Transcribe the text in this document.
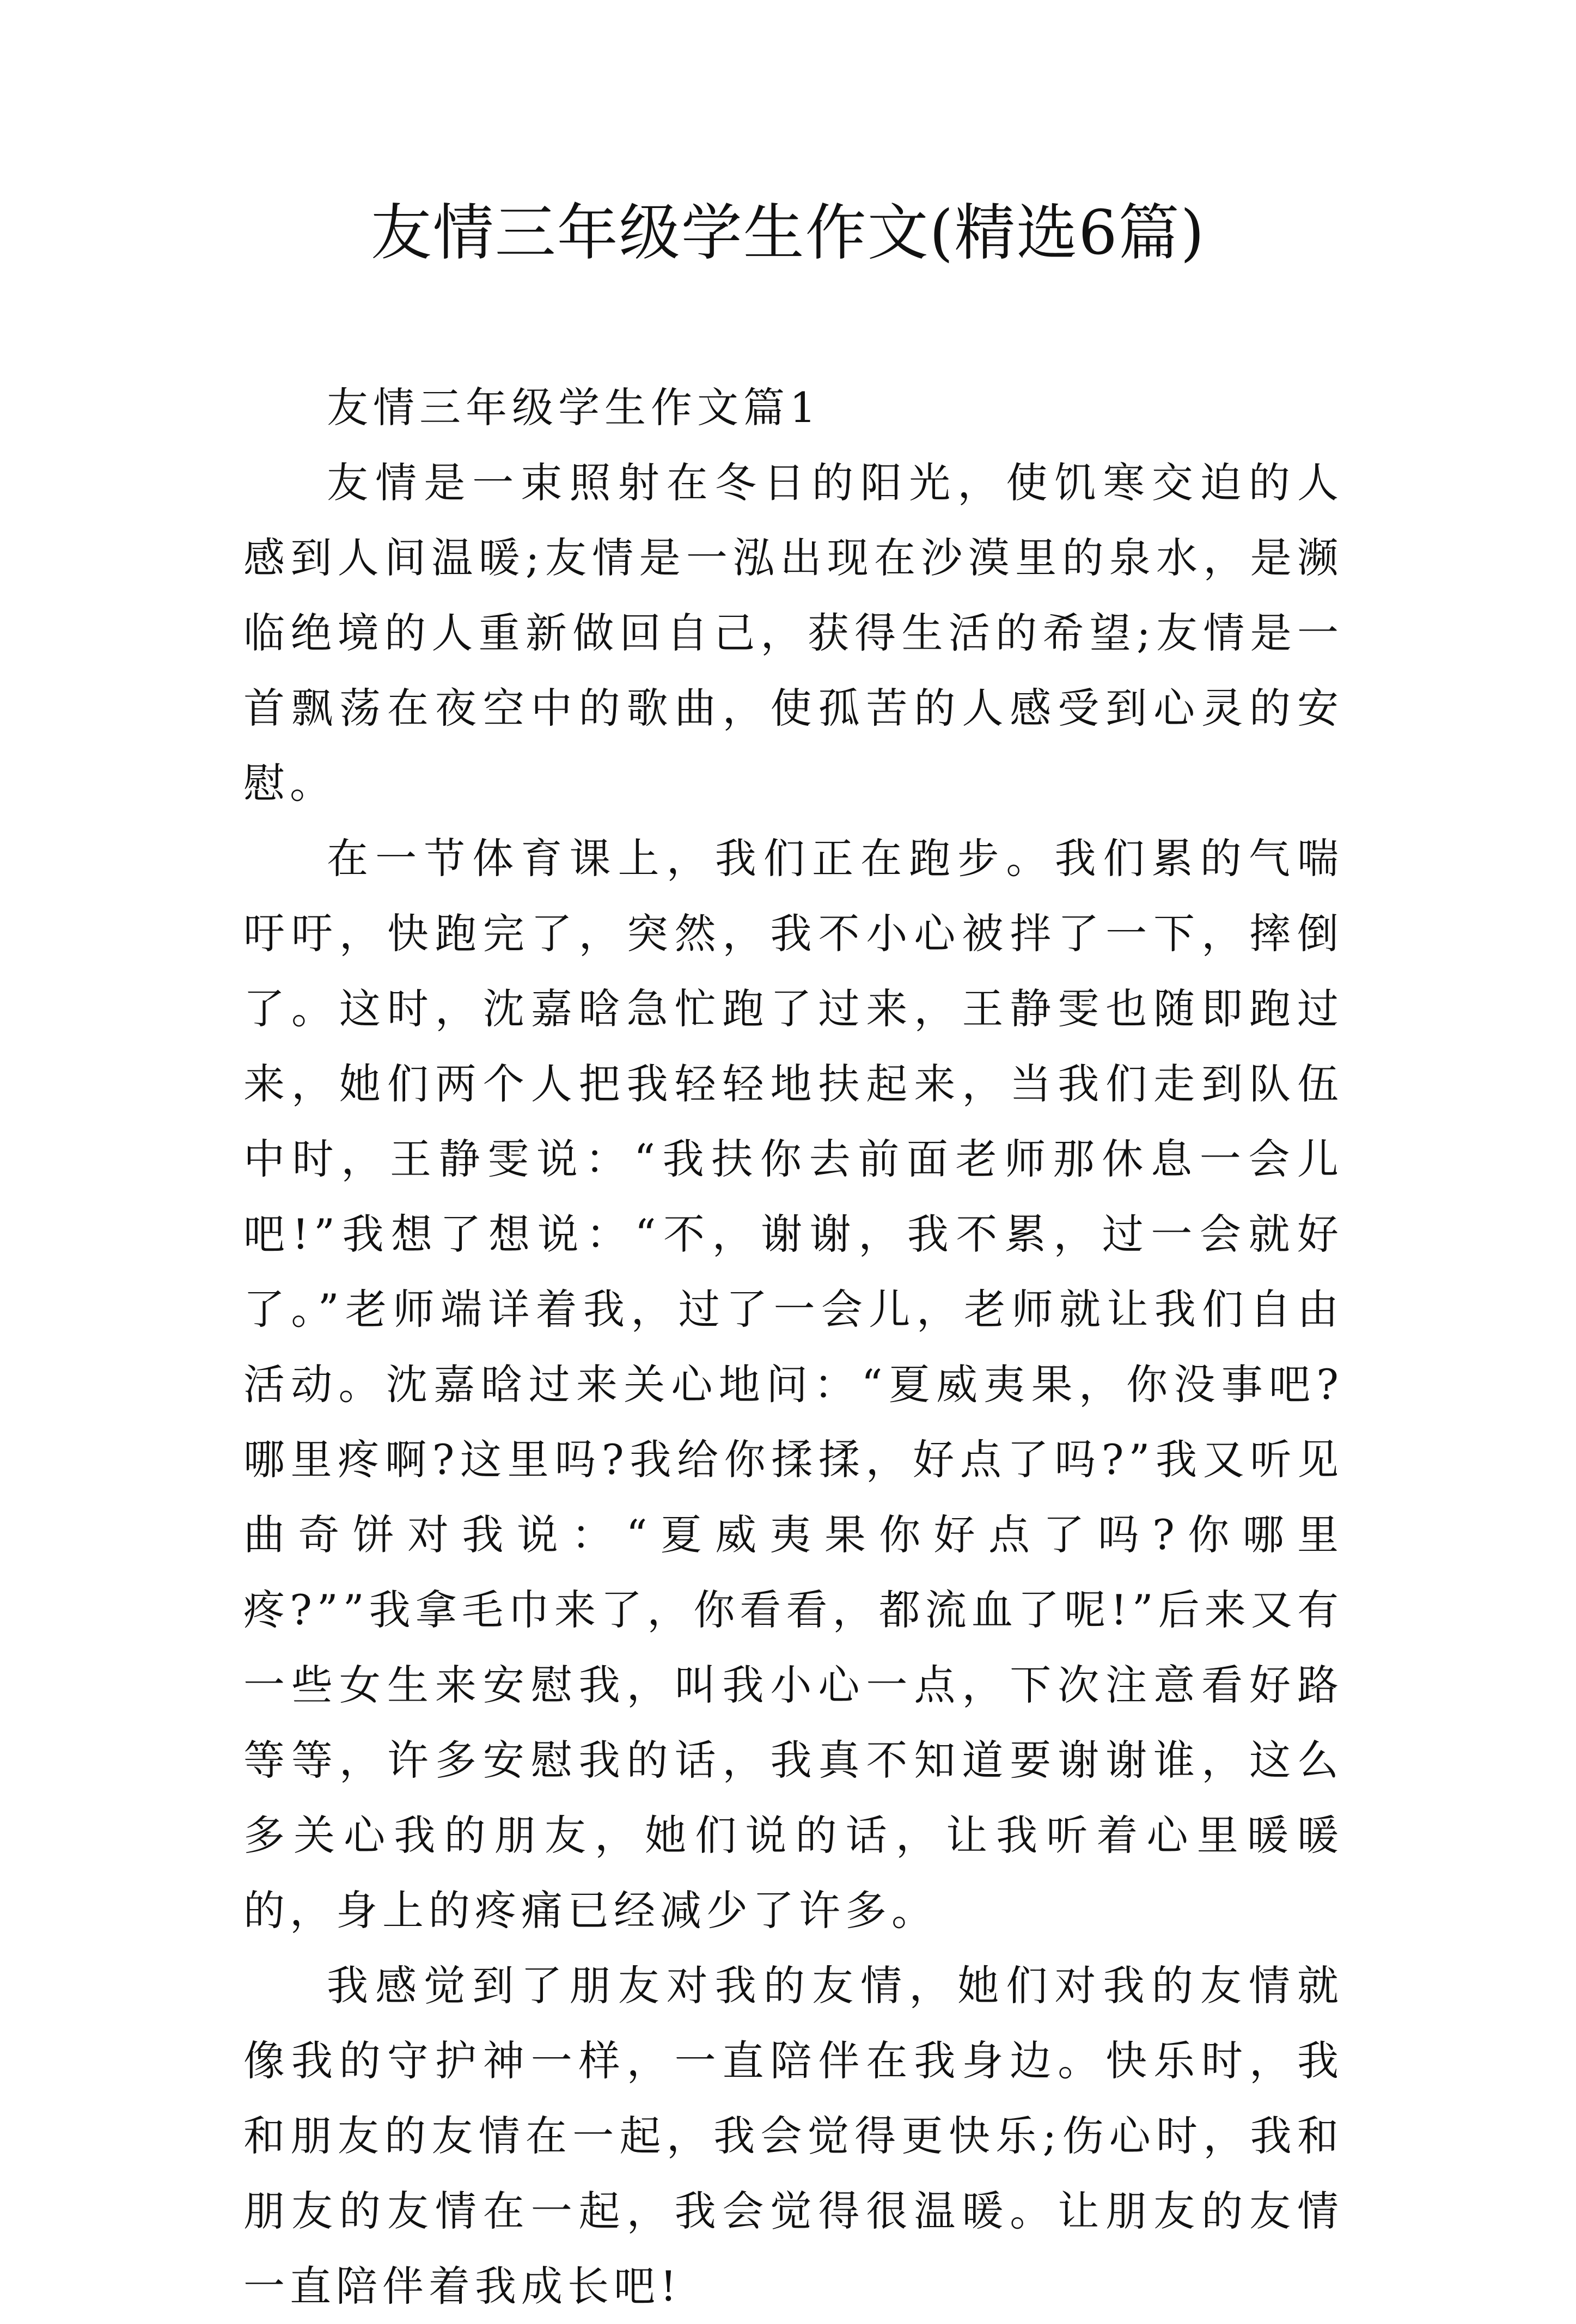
友情三年级学生作文(精选6篇)

友情三年级学生作文篇1

友情是一束照射在冬日的阳光，使饥寒交迫的人感到人间温暖;友情是一泓出现在沙漠里的泉水，是濒临绝境的人重新做回自己，获得生活的希望;友情是一首飘荡在夜空中的歌曲，使孤苦的人感受到心灵的安慰。

在一节体育课上，我们正在跑步。我们累的气喘吁吁，快跑完了，突然，我不小心被拌了一下，摔倒了。这时，沈嘉晗急忙跑了过来，王静雯也随即跑过来，她们两个人把我轻轻地扶起来，当我们走到队伍中时，王静雯说：“我扶你去前面老师那休息一会儿吧!”我想了想说：“不，谢谢，我不累，过一会就好了。”老师端详着我，过了一会儿，老师就让我们自由活动。沈嘉晗过来关心地问：“夏威夷果，你没事吧?哪里疼啊?这里吗?我给你揉揉，好点了吗?”我又听见曲奇饼对我说：“夏威夷果你好点了吗?你哪里疼?””我拿毛巾来了，你看看，都流血了呢!”后来又有一些女生来安慰我，叫我小心一点，下次注意看好路等等，许多安慰我的话，我真不知道要谢谢谁，这么多关心我的朋友，她们说的话，让我听着心里暖暖的，身上的疼痛已经减少了许多。

我感觉到了朋友对我的友情，她们对我的友情就像我的守护神一样，一直陪伴在我身边。快乐时，我和朋友的友情在一起，我会觉得更快乐;伤心时，我和朋友的友情在一起，我会觉得很温暖。让朋友的友情一直陪伴着我成长吧!
